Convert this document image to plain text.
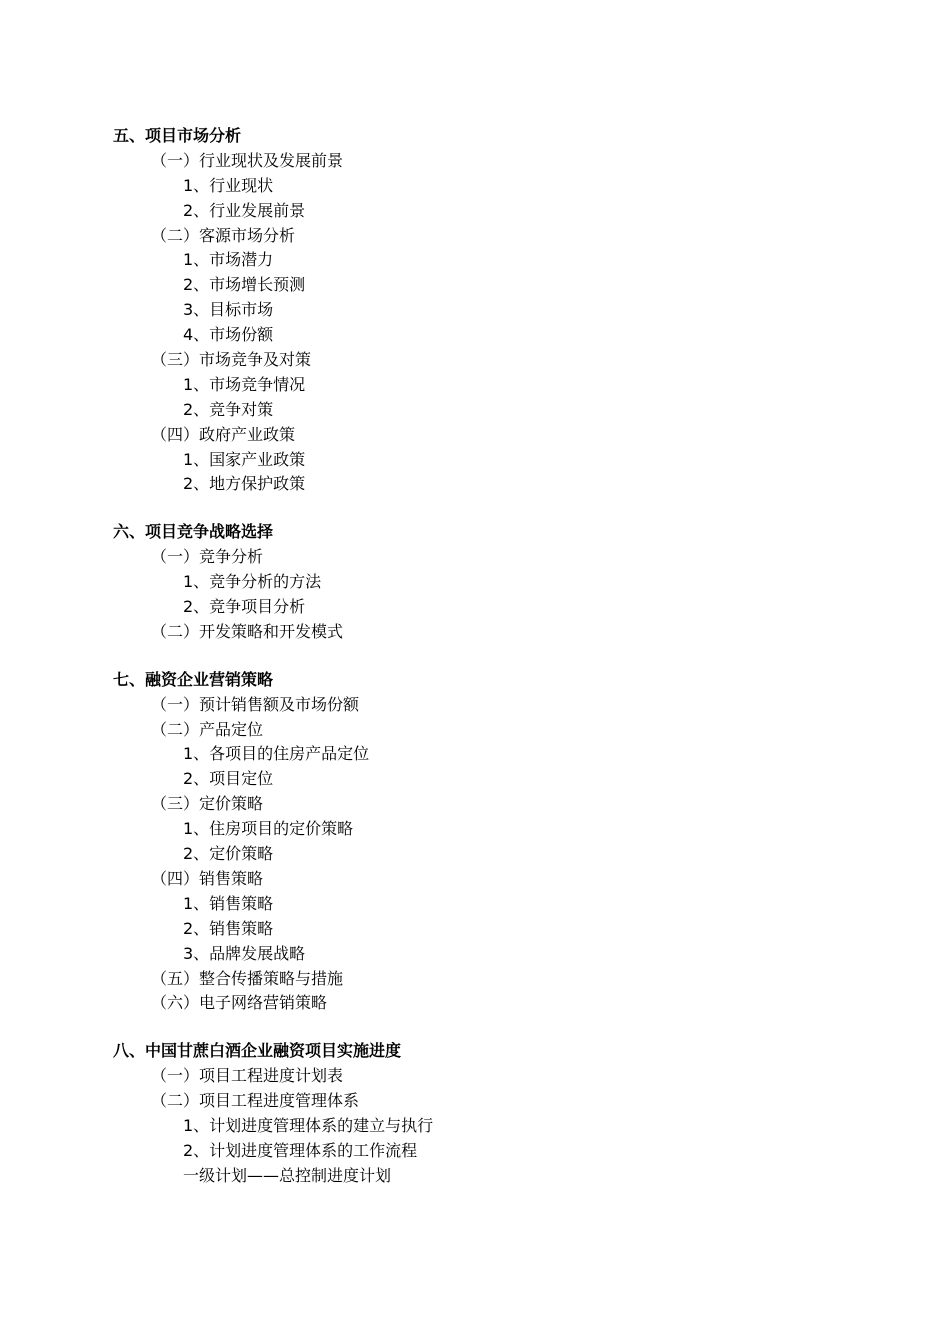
五、项目市场分析
（一）行业现状及发展前景
1、行业现状
2、行业发展前景
（二）客源市场分析
1、市场潜力
2、市场增长预测
3、目标市场
4、市场份额
（三）市场竞争及对策
1、市场竞争情况
2、竞争对策
（四）政府产业政策
1、国家产业政策
2、地方保护政策
六、项目竞争战略选择
（一）竞争分析
1、竞争分析的方法
2、竞争项目分析
（二）开发策略和开发模式
七、融资企业营销策略
（一）预计销售额及市场份额
（二）产品定位
1、各项目的住房产品定位
2、项目定位
（三）定价策略
1、住房项目的定价策略
2、定价策略
（四）销售策略
1、销售策略
2、销售策略
3、品牌发展战略
（五）整合传播策略与措施
（六）电子网络营销策略
八、中国甘蔗白酒企业融资项目实施进度
（一）项目工程进度计划表
（二）项目工程进度管理体系
1、计划进度管理体系的建立与执行
2、计划进度管理体系的工作流程
一级计划——总控制进度计划
